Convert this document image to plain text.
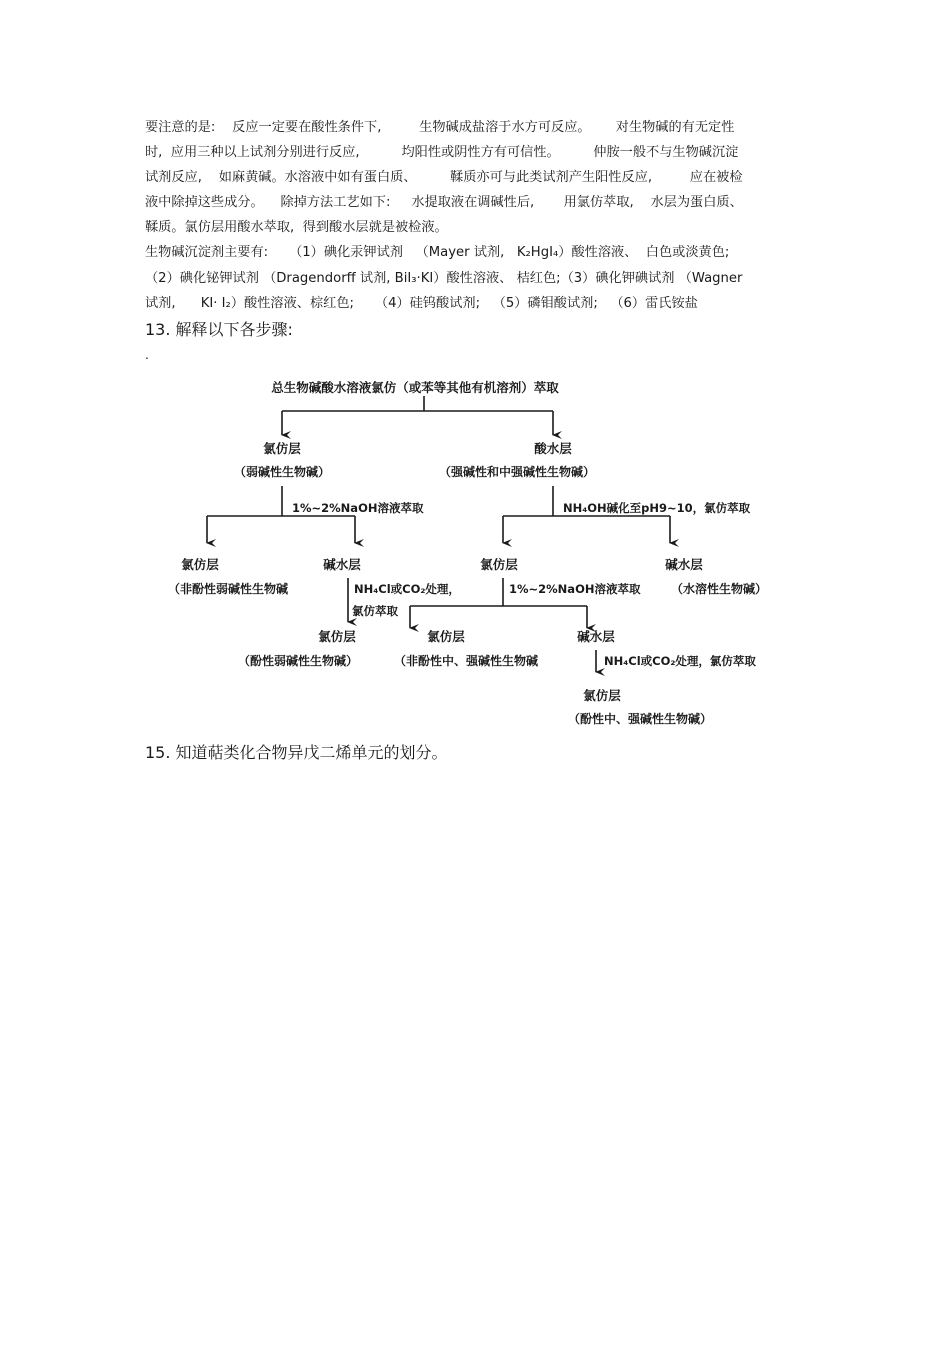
要注意的是:    反应一定要在酸性条件下,         生物碱成盐溶于水方可反应。      对生物碱的有无定性

时,  应用三种以上试剂分别进行反应,          均阳性或阴性方有可信性。        仲胺一般不与生物碱沉淀

试剂反应,    如麻黄碱。水溶液中如有蛋白质、        鞣质亦可与此类试剂产生阳性反应,         应在被检

液中除掉这些成分。    除掉方法工艺如下:     水提取液在调碱性后,       用氯仿萃取,    水层为蛋白质、

鞣质。氯仿层用酸水萃取,  得到酸水层就是被检液。

生物碱沉淀剂主要有:     （1）碘化汞钾试剂   （Mayer 试剂,   K₂HgI₄）酸性溶液、  白色或淡黄色;

（2）碘化铋钾试剂 （Dragendorff 试剂, BiI₃·KI）酸性溶液、 桔红色;（3）碘化钾碘试剂 （Wagner

试剂,      KI· I₂）酸性溶液、棕红色;     （4）硅钨酸试剂;   （5）磷钼酸试剂;   （6）雷氏铵盐

13. 解释以下各步骤:

.
总生物碱酸水溶液氯仿（或苯等其他有机溶剂）萃取
氯仿层
（弱碱性生物碱）
酸水层
（强碱性和中强碱性生物碱）
1%~2%NaOH溶液萃取	NH₄OH碱化至pH9~10，氯仿萃取
氯仿层
（非酚性弱碱性生物碱
碱水层
NH₄Cl或CO₂处理，
氯仿萃取
氯仿层
1%~2%NaOH溶液萃取
碱水层
（水溶性生物碱）
氯仿层
（酚性弱碱性生物碱）
氯仿层
（非酚性中、强碱性生物碱
碱水层
NH₄Cl或CO₂处理，氯仿萃取
氯仿层
（酚性中、强碱性生物碱）

15. 知道萜类化合物异戊二烯单元的划分。
